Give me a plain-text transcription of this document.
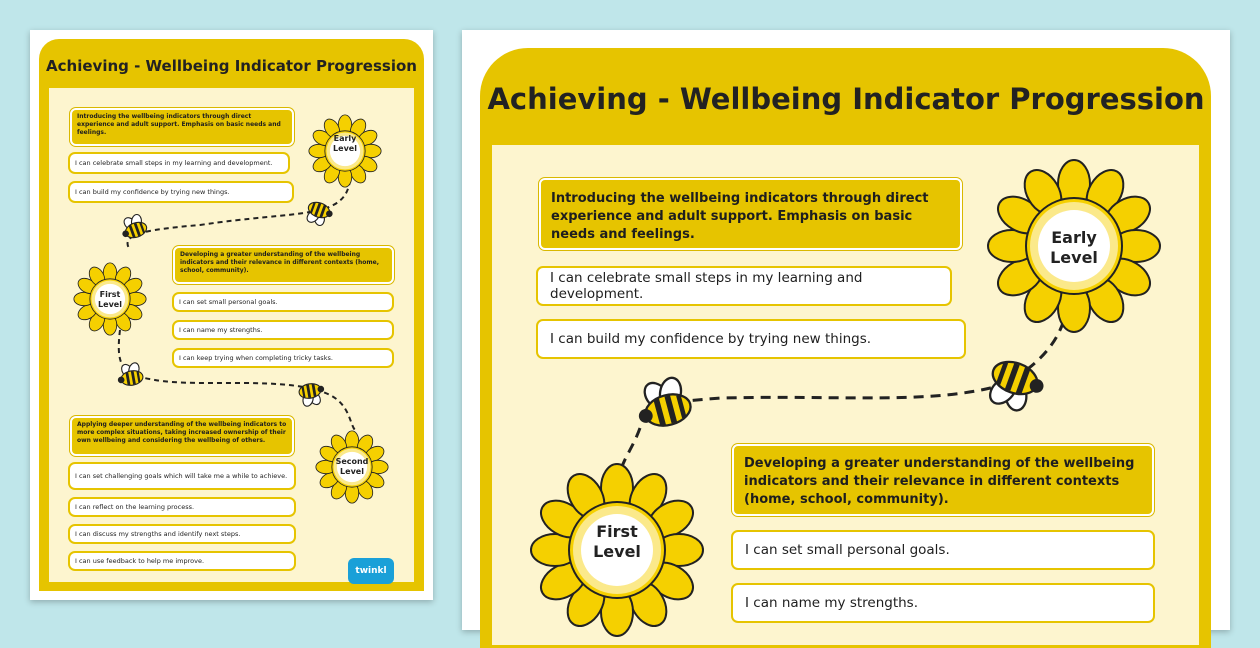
Achieving - Wellbeing Indicator Progression
Early
Level
First
Level
Second
Level
Introducing the wellbeing indicators through direct experience and adult support. Emphasis on basic needs and feelings.
I can celebrate small steps in my learning and development.
I can build my confidence by trying new things.
Developing a greater understanding of the wellbeing indicators and their relevance in different contexts (home, school, community).
I can set small personal goals.
I can name my strengths.
I can keep trying when completing tricky tasks.
Applying deeper understanding of the wellbeing indicators to more complex situations, taking increased ownership of their own wellbeing and considering the wellbeing of others.
I can set challenging goals which will take me a while to achieve.
I can reflect on the learning process.
I can discuss my strengths and identify next steps.
I can use feedback to help me improve.
twinkl
Achieving - Wellbeing Indicator Progression
Early
Level
First
Level
Introducing the wellbeing indicators through direct experience and adult support. Emphasis on basic needs and feelings.
I can celebrate small steps in my learning and development.
I can build my confidence by trying new things.
Developing a greater understanding of the wellbeing indicators and their relevance in different contexts (home, school, community).
I can set small personal goals.
I can name my strengths.
